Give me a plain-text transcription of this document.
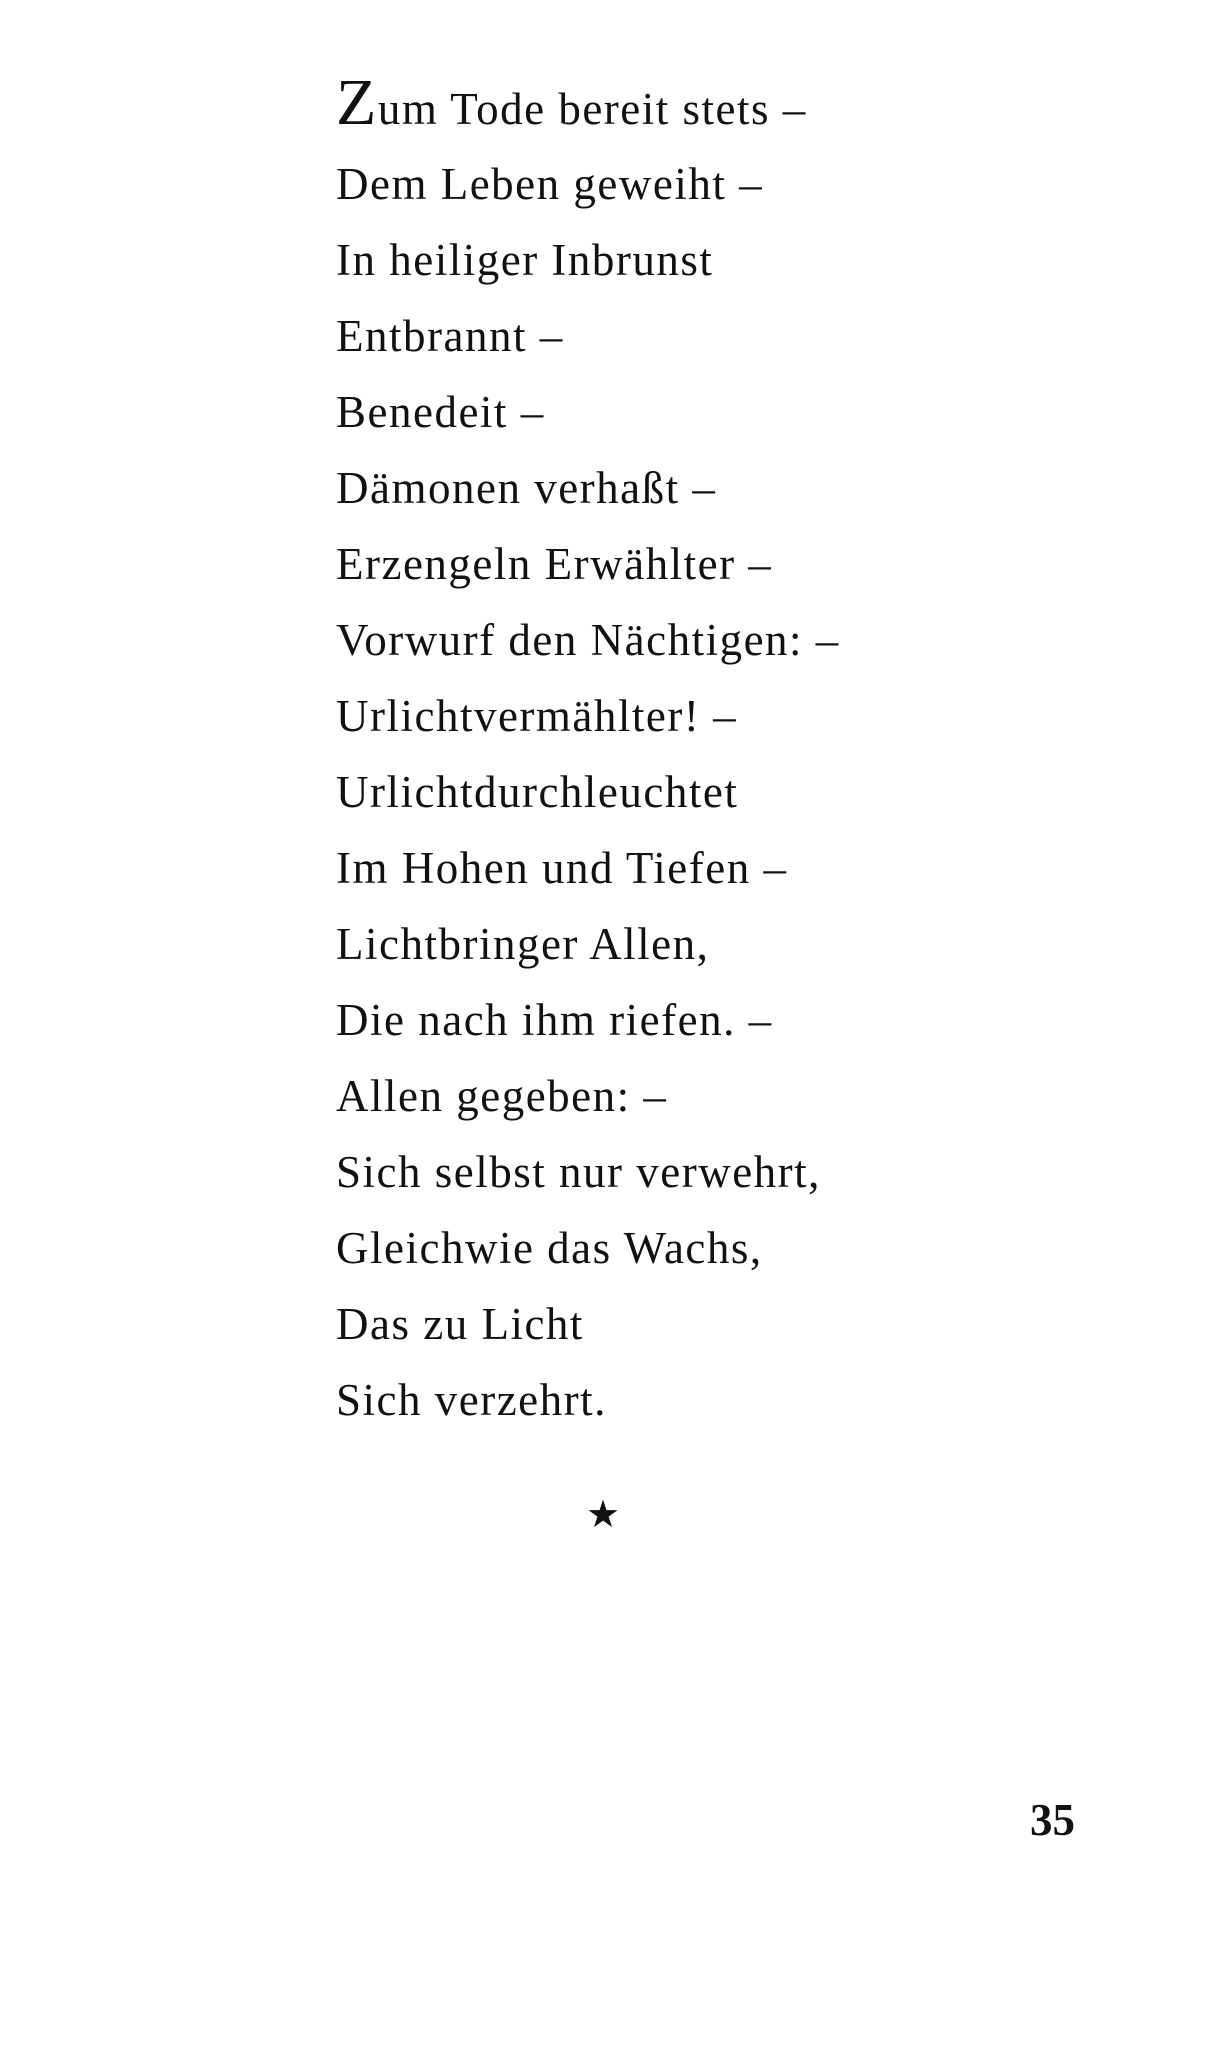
Zum Tode bereit stets –
Dem Leben geweiht –
In heiliger Inbrunst
Entbrannt –
Benedeit –
Dämonen verhaßt –
Erzengeln Erwählter –
Vorwurf den Nächtigen: –
Urlichtvermählter! –
Urlichtdurchleuchtet
Im Hohen und Tiefen –
Lichtbringer Allen,
Die nach ihm riefen. –
Allen gegeben: –
Sich selbst nur verwehrt,
Gleichwie das Wachs,
Das zu Licht
Sich verzehrt.
★
35
